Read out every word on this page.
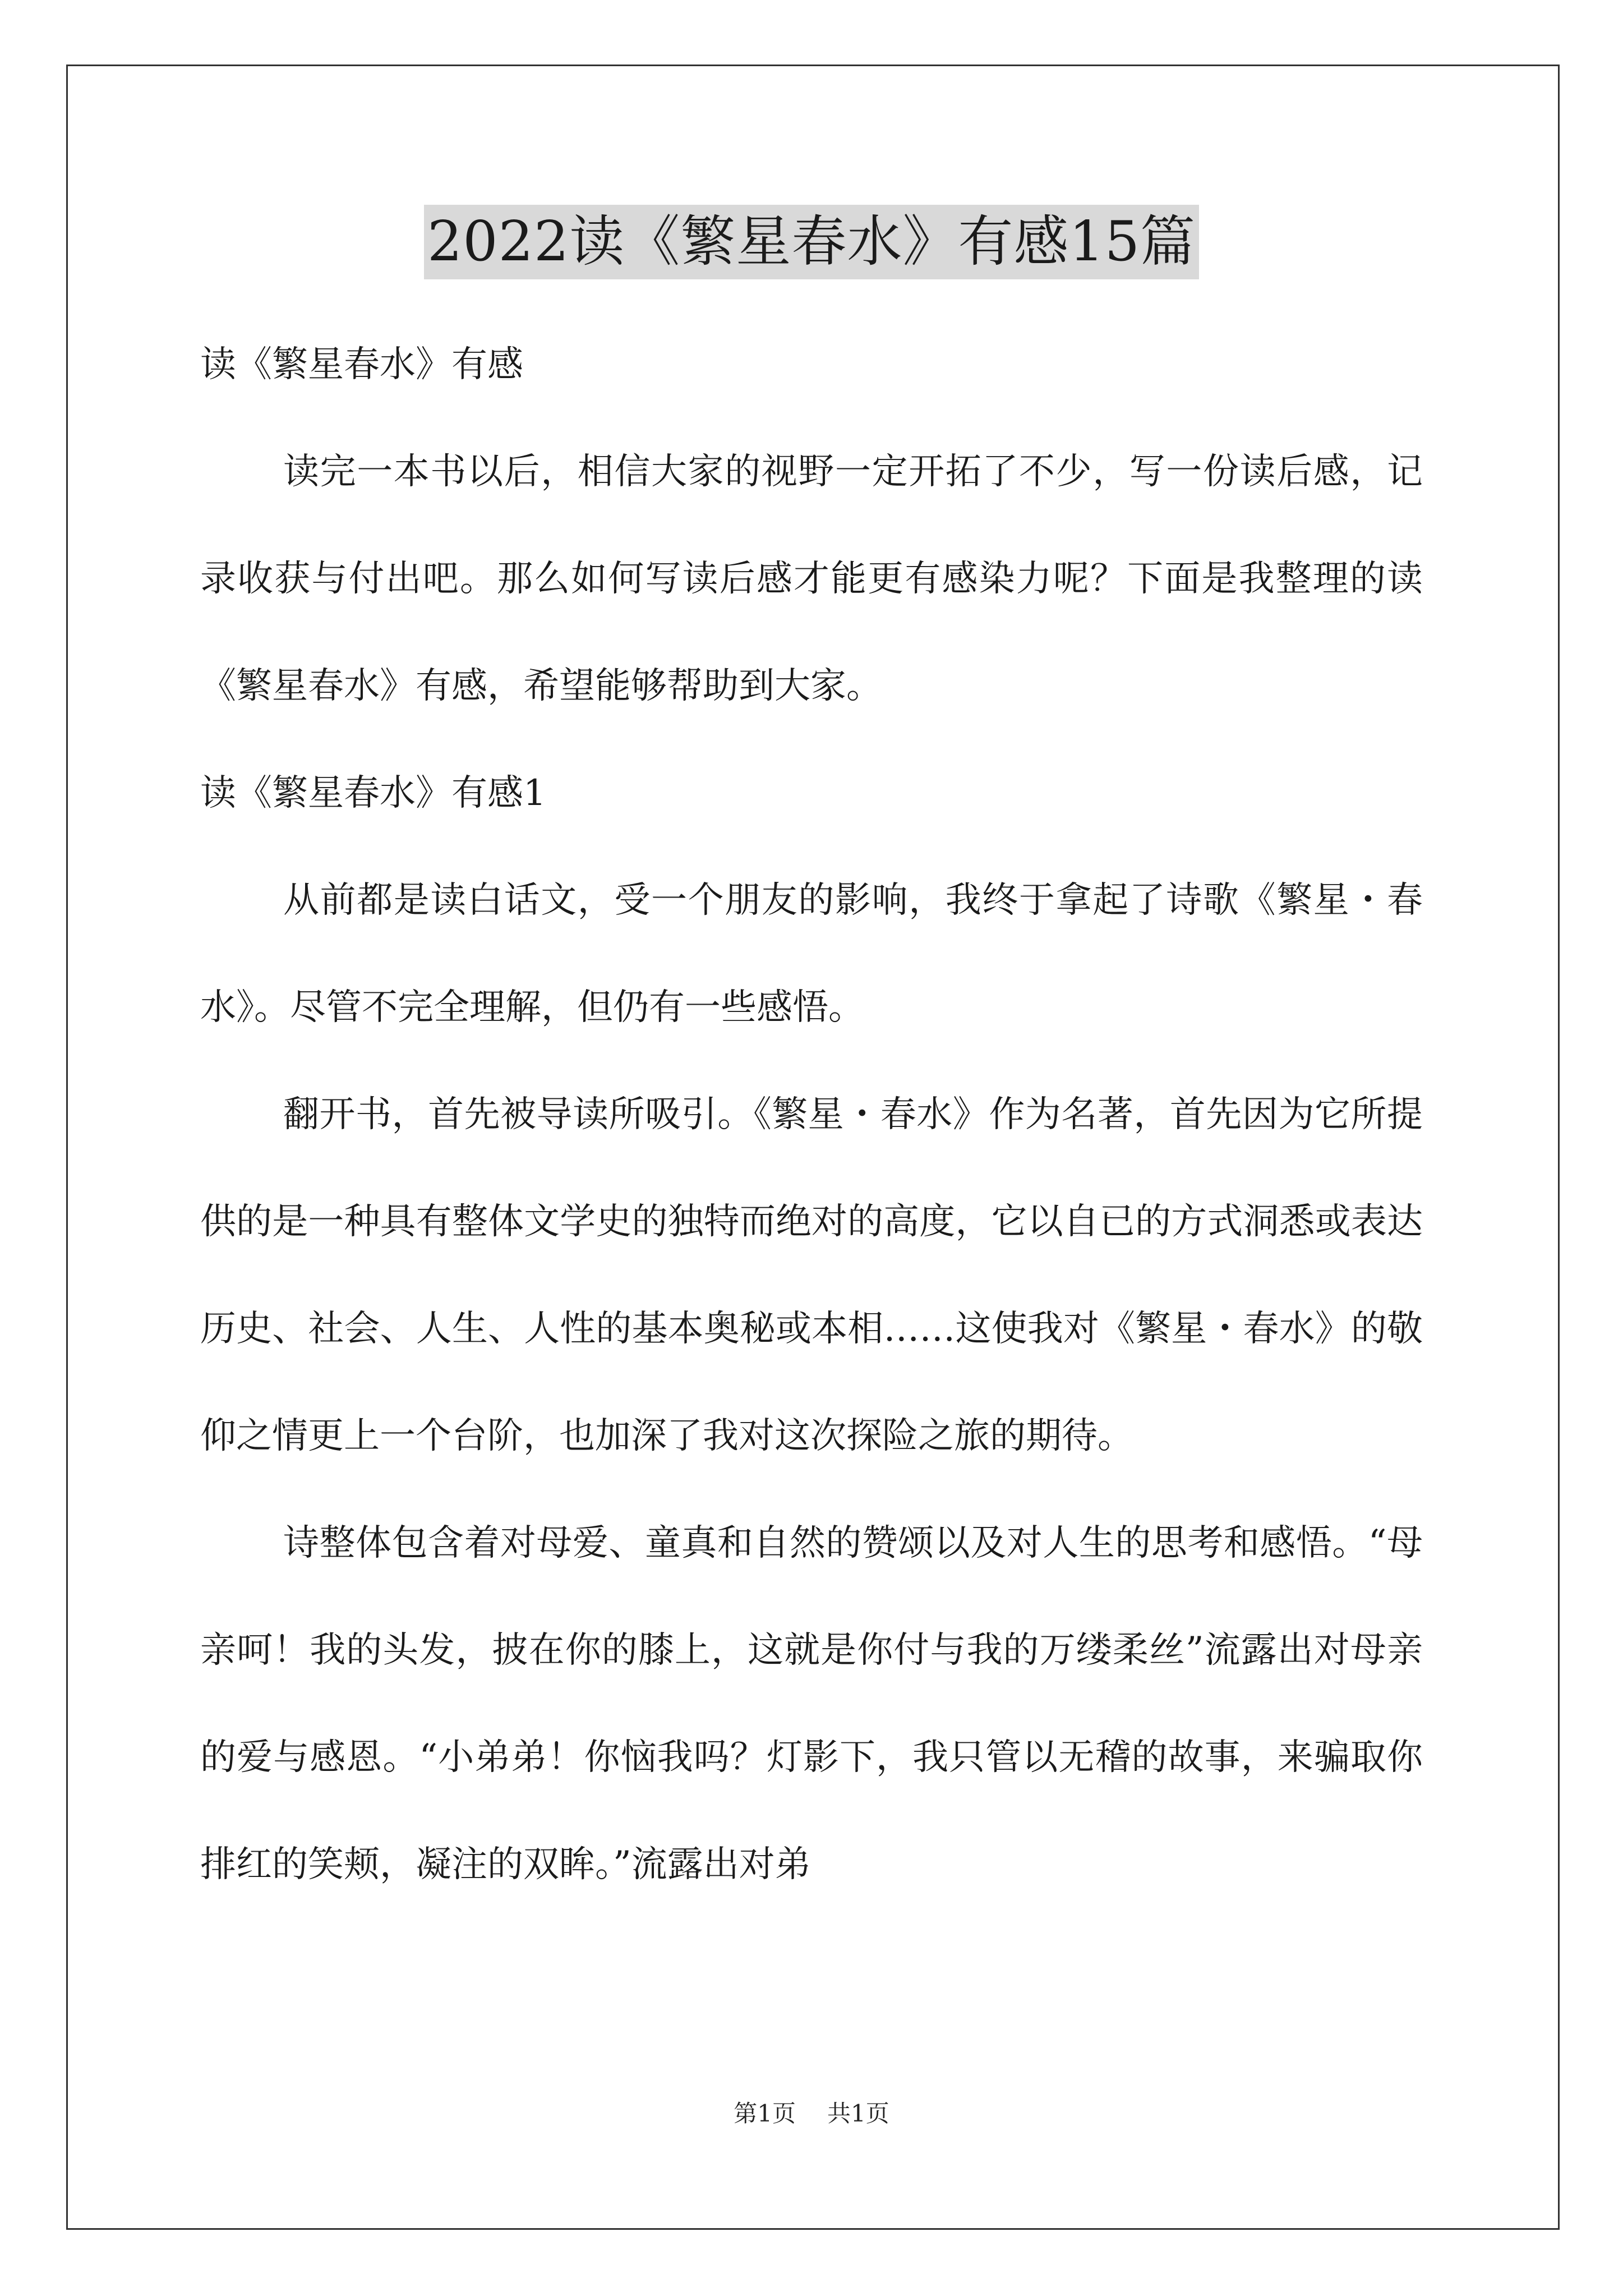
2022读《繁星春水》有感15篇

读《繁星春水》有感

读完一本书以后，相信大家的视野一定开拓了不少，写一份读后感，记录收获与付出吧。那么如何写读后感才能更有感染力呢？下面是我整理的读《繁星春水》有感，希望能够帮助到大家。

读《繁星春水》有感1

从前都是读白话文，受一个朋友的影响，我终于拿起了诗歌《繁星・春水》。尽管不完全理解，但仍有一些感悟。

翻开书，首先被导读所吸引。《繁星・春水》作为名著，首先因为它所提供的是一种具有整体文学史的独特而绝对的高度，它以自已的方式洞悉或表达历史、社会、人生、人性的基本奥秘或本相……这使我对《繁星・春水》的敬仰之情更上一个台阶，也加深了我对这次探险之旅的期待。

诗整体包含着对母爱、童真和自然的赞颂以及对人生的思考和感悟。“母亲呵！我的头发，披在你的膝上，这就是你付与我的万缕柔丝”流露出对母亲的爱与感恩。“小弟弟！你恼我吗？灯影下，我只管以无稽的故事，来骗取你排红的笑颊，凝注的双眸。”流露出对弟

第1页 共1页
